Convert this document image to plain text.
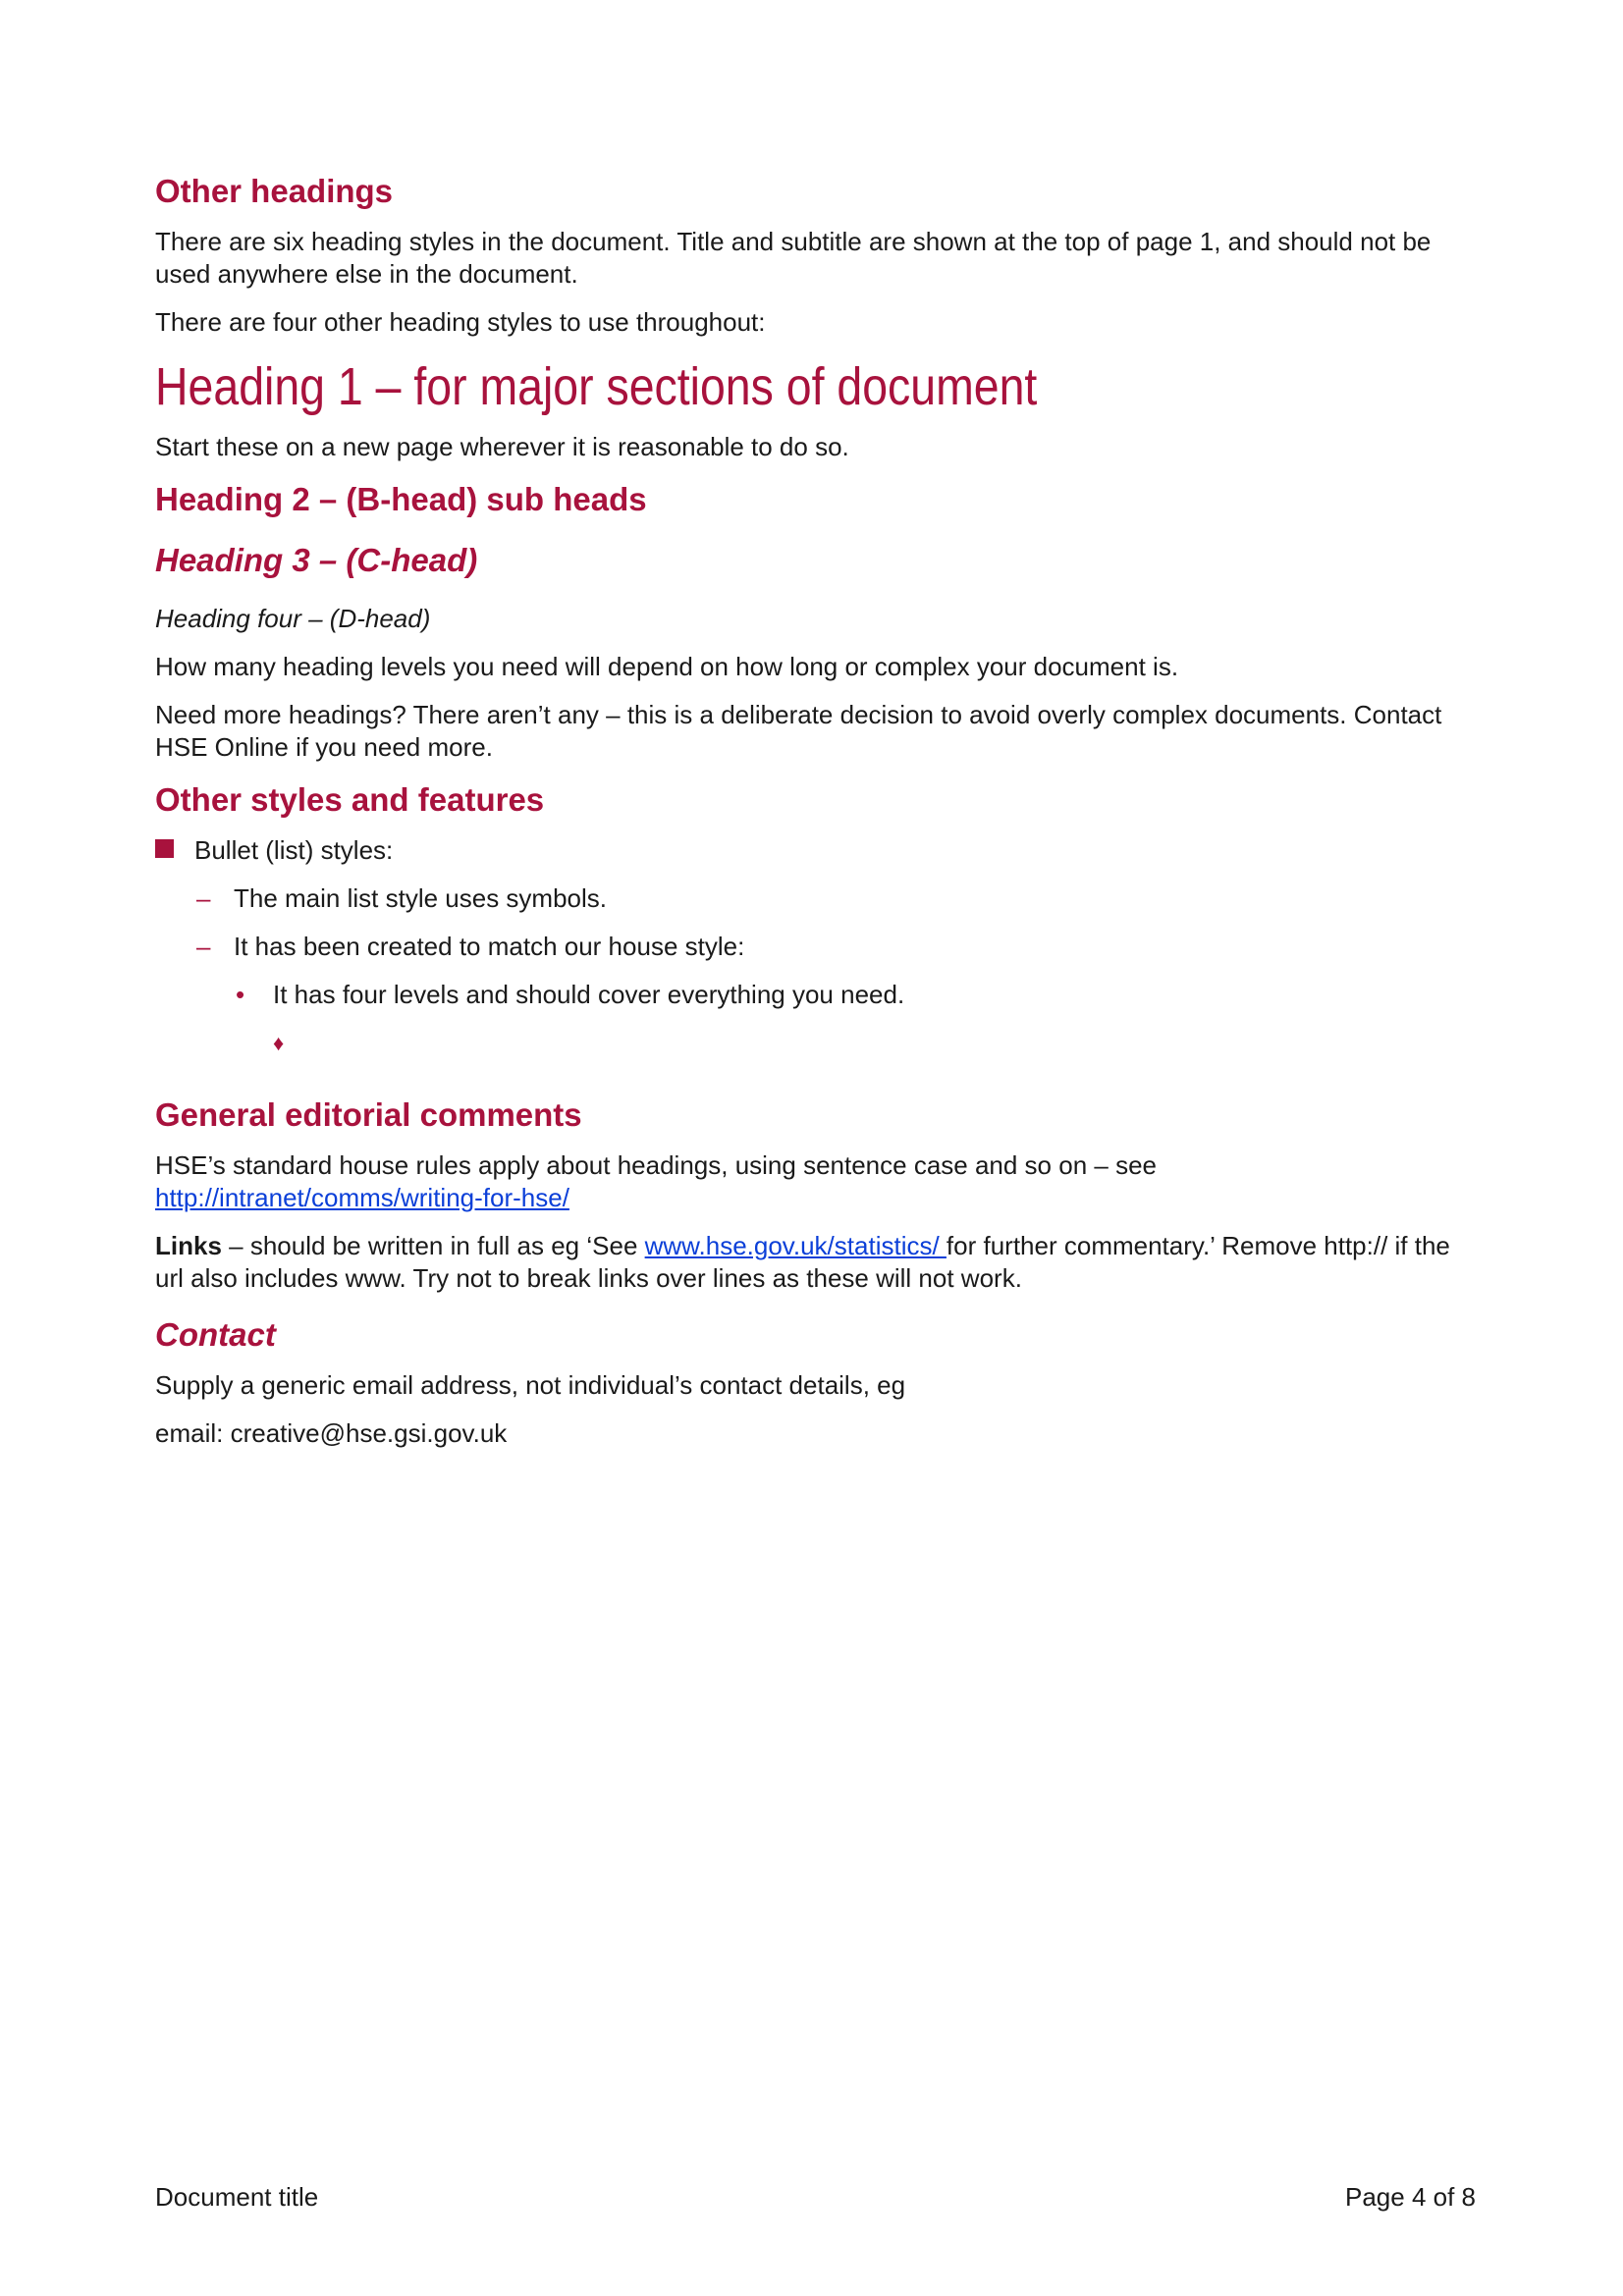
Other headings

There are six heading styles in the document. Title and subtitle are shown at the top of page 1, and should not be used anywhere else in the document.

There are four other heading styles to use throughout:

Heading 1 – for major sections of document

Start these on a new page wherever it is reasonable to do so.

Heading 2 – (B-head) sub heads
Heading 3 – (C-head)
Heading four – (D-head)

How many heading levels you need will depend on how long or complex your document is.

Need more headings? There aren’t any – this is a deliberate decision to avoid overly complex documents. Contact HSE Online if you need more.

Other styles and features
Bullet (list) styles:
– The main list style uses symbols.
– It has been created to match our house style:
• It has four levels and should cover everything you need.
♦
General editorial comments

HSE’s standard house rules apply about headings, using sentence case and so on – see http://intranet/comms/writing-for-hse/

Links – should be written in full as eg ‘See www.hse.gov.uk/statistics/ for further commentary.’ Remove http:// if the url also includes www. Try not to break links over lines as these will not work.

Contact

Supply a generic email address, not individual’s contact details, eg

email: creative@hse.gsi.gov.uk

Document title	Page 4 of 8
